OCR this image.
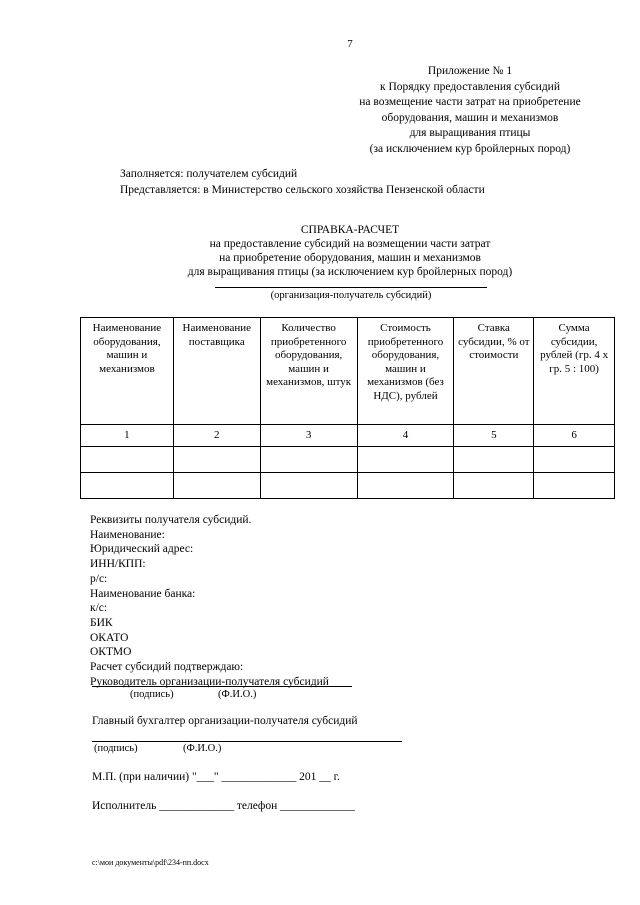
7
Приложение № 1
к Порядку предоставления субсидий
на возмещение части затрат на приобретение
оборудования, машин и механизмов
для выращивания птицы
(за исключением кур бройлерных пород)
Заполняется: получателем субсидий
Представляется: в Министерство сельского хозяйства Пензенской области
СПРАВКА-РАСЧЕТ
на предоставление субсидий на возмещении части затрат
на приобретение оборудования, машин и механизмов
для выращивания птицы (за исключением кур бройлерных пород)
(организация-получатель субсидий)
Наименование оборудования, машин и механизмов	Наименование поставщика	Количество приобретенного оборудования, машин и механизмов, штук	Стоимость приобретенного оборудования, машин и механизмов (без НДС), рублей	Ставка субсидии, % от стоимости	Сумма субсидии, рублей (гр. 4 х гр. 5 : 100)
1	2	3	4	5	6

Реквизиты получателя субсидий.
Наименование:
Юридический адрес:
ИНН/КПП:
р/с:
Наименование банка:
к/с:
БИК
ОКАТО
ОКТМО
Расчет субсидий подтверждаю:
Руководитель организации-получателя субсидий
(подпись)	(Ф.И.О.)
Главный бухгалтер организации-получателя субсидий
(подпись)	(Ф.И.О.)
М.П. (при наличии) "___" _____________ 201 __ г.
Исполнитель _____________ телефон _____________
c:\мои документы\pdf\234-пп.docx
